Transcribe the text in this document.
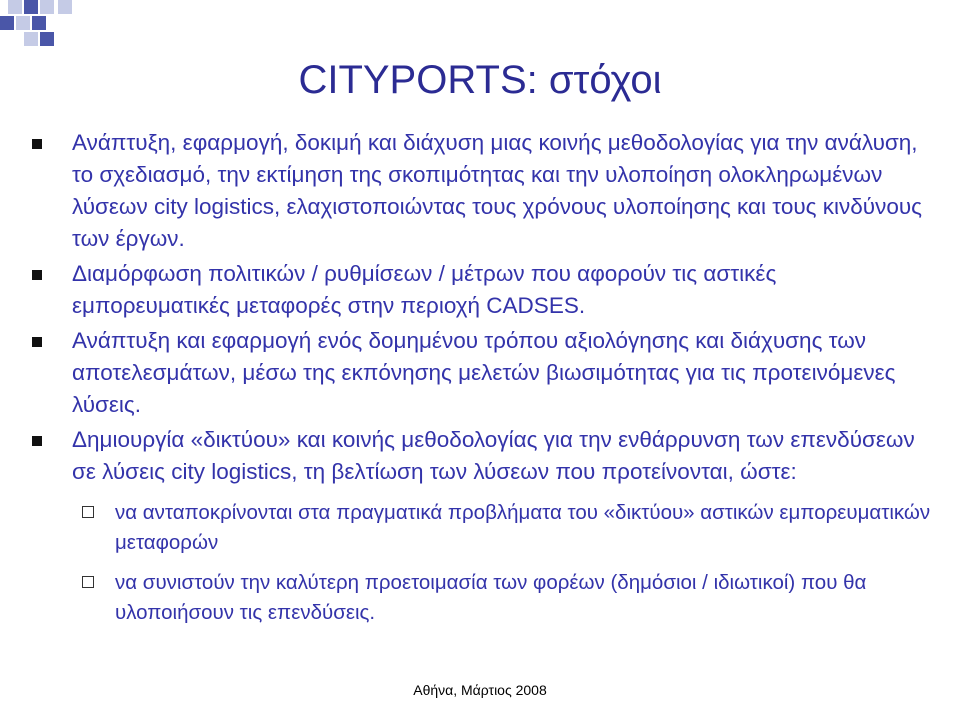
CITYPORTS: στόχοι
Ανάπτυξη, εφαρμογή, δοκιμή και διάχυση μιας κοινής μεθοδολογίας για την ανάλυση, το σχεδιασμό, την εκτίμηση της σκοπιμότητας και την υλοποίηση ολοκληρωμένων λύσεων city logistics, ελαχιστοποιώντας τους χρόνους υλοποίησης και τους κινδύνους των έργων.
Διαμόρφωση πολιτικών / ρυθμίσεων / μέτρων που αφορούν τις αστικές εμπορευματικές μεταφορές στην περιοχή CADSES.
Ανάπτυξη και εφαρμογή ενός δομημένου τρόπου αξιολόγησης και διάχυσης των αποτελεσμάτων, μέσω της εκπόνησης μελετών βιωσιμότητας για τις προτεινόμενες λύσεις.
Δημιουργία «δικτύου» και κοινής μεθοδολογίας για την ενθάρρυνση των επενδύσεων σε λύσεις city logistics, τη βελτίωση των λύσεων που προτείνονται, ώστε:
να ανταποκρίνονται στα πραγματικά προβλήματα του «δικτύου» αστικών εμπορευματικών μεταφορών
να συνιστούν την καλύτερη προετοιμασία των φορέων (δημόσιοι / ιδιωτικοί) που θα υλοποιήσουν τις επενδύσεις.
Αθήνα, Μάρτιος 2008
